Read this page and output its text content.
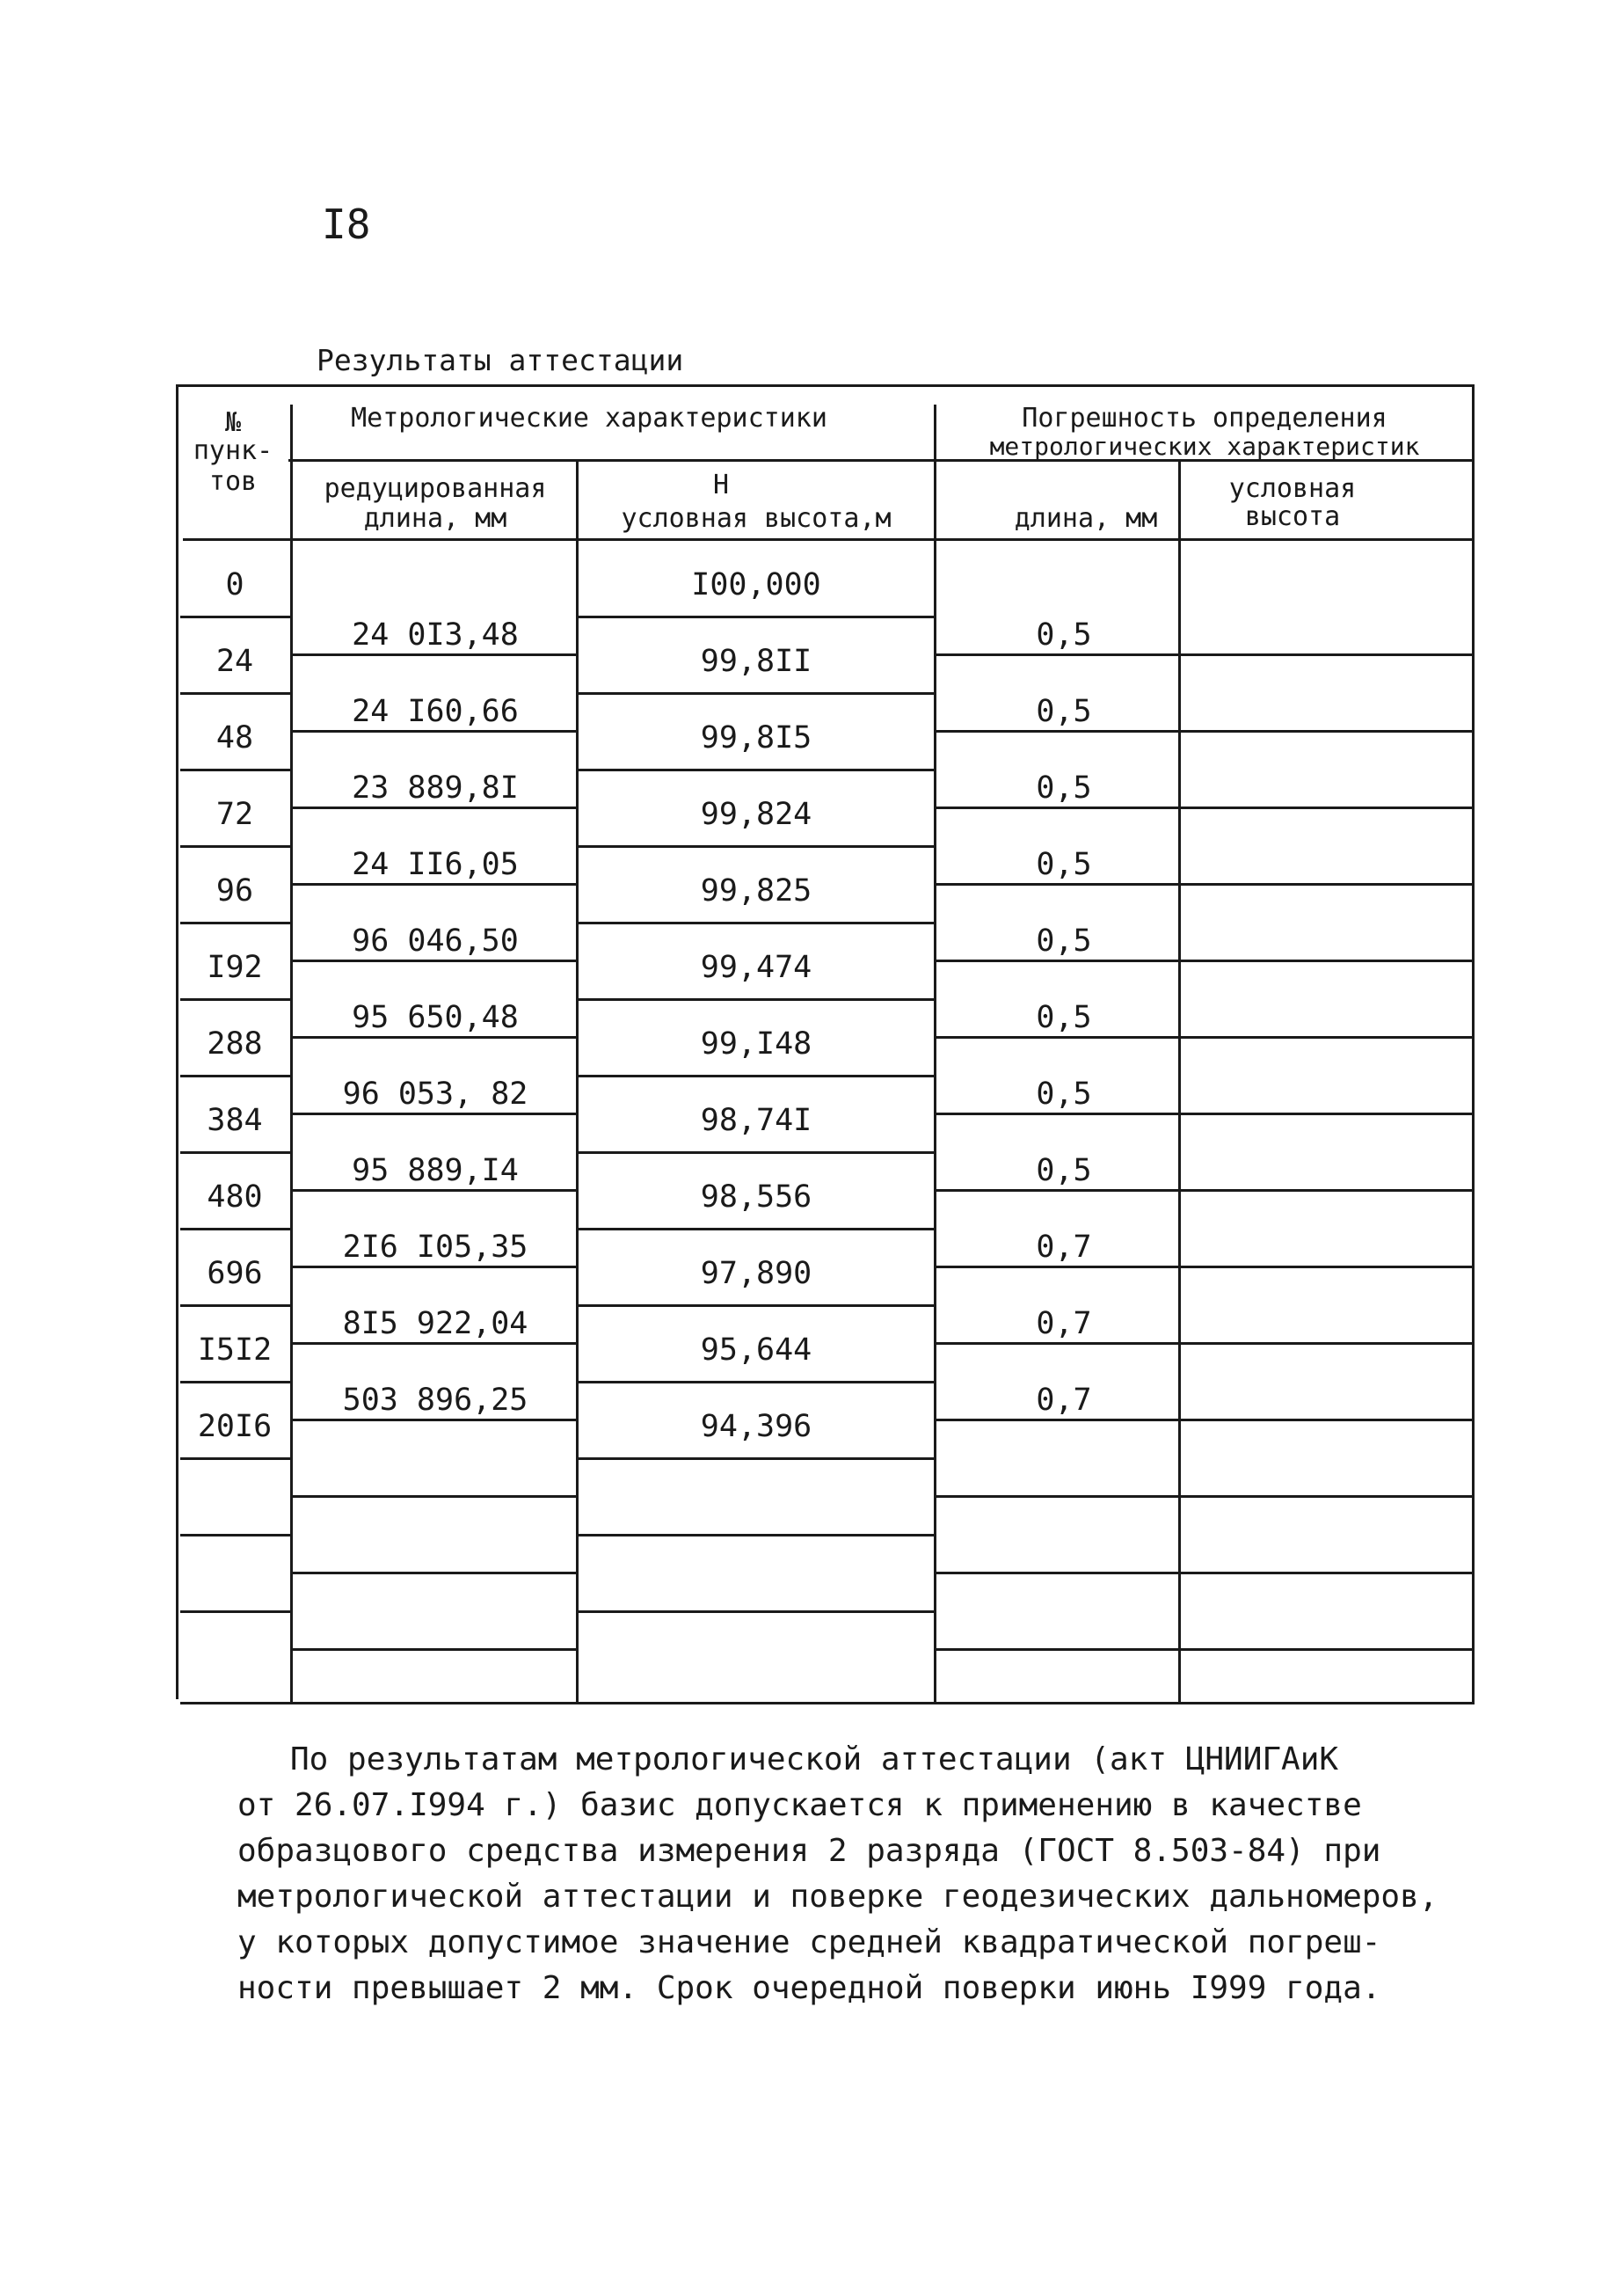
I8
Результаты аттестации
№
пунк-
тов
Метрологические характеристики	Погрешность определения
метрологических характеристик
редуцированная
длина, мм
H
условная высота,м	длина, мм
условная
высота
0
24
48
72
96
I92
288
384
480
696
I5I2
20I6
I00,000
99,8II
99,8I5
99,824
99,825
99,474
99,I48
98,74I
98,556
97,890
95,644
94,396
24 0I3,48
24 I60,66
23 889,8I
24 II6,05
96 046,50
95 650,48
96 053, 82
95 889,I4
2I6 I05,35
8I5 922,04
503 896,25
0,5
0,5
0,5
0,5
0,5
0,5
0,5
0,5
0,7
0,7
0,7

По результатам метрологической аттестации (акт ЦНИИГАиК
от 26.07.I994 г.) базис допускается к применению в качестве
образцового средства измерения 2 разряда (ГОСТ 8.503-84) при
метрологической аттестации и поверке геодезических дальномеров,
у которых допустимое значение средней квадратической погреш-
ности превышает 2 мм. Срок очередной поверки июнь I999 года.
